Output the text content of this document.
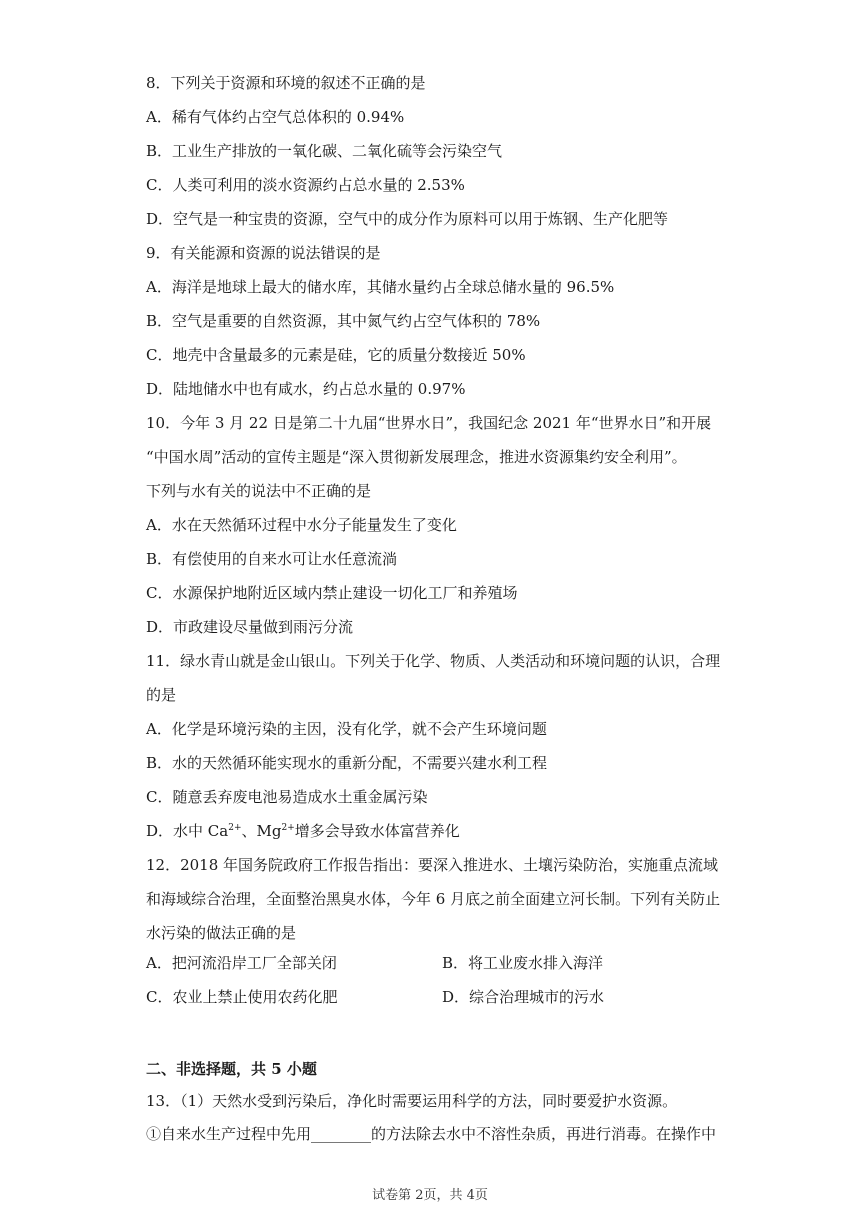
8．下列关于资源和环境的叙述不正确的是
A．稀有气体约占空气总体积的 0.94%
B．工业生产排放的一氧化碳、二氧化硫等会污染空气
C．人类可利用的淡水资源约占总水量的 2.53%
D．空气是一种宝贵的资源，空气中的成分作为原料可以用于炼钢、生产化肥等
9．有关能源和资源的说法错误的是
A．海洋是地球上最大的储水库，其储水量约占全球总储水量的 96.5%
B．空气是重要的自然资源，其中氮气约占空气体积的 78%
C．地壳中含量最多的元素是硅，它的质量分数接近 50%
D．陆地储水中也有咸水，约占总水量的 0.97%
10．今年 3 月 22 日是第二十九届“世界水日”，我国纪念 2021 年“世界水日”和开展
“中国水周”活动的宣传主题是“深入贯彻新发展理念，推进水资源集约安全利用”。
下列与水有关的说法中不正确的是
A．水在天然循环过程中水分子能量发生了变化
B．有偿使用的自来水可让水任意流淌
C．水源保护地附近区域内禁止建设一切化工厂和养殖场
D．市政建设尽量做到雨污分流
11．绿水青山就是金山银山。下列关于化学、物质、人类活动和环境问题的认识，合理
的是
A．化学是环境污染的主因，没有化学，就不会产生环境问题
B．水的天然循环能实现水的重新分配，不需要兴建水利工程
C．随意丢弃废电池易造成水土重金属污染
D．水中 $Ca^{2+}$、$Mg^{2+}$增多会导致水体富营养化
12．2018 年国务院政府工作报告指出：要深入推进水、土壤污染防治，实施重点流域
和海域综合治理，全面整治黑臭水体，今年 6 月底之前全面建立河长制。下列有关防止
水污染的做法正确的是
A．把河流沿岸工厂全部关闭	B．将工业废水排入海洋
C．农业上禁止使用农药化肥	D．综合治理城市的污水
二、非选择题，共 5 小题
13．（1）天然水受到污染后，净化时需要运用科学的方法，同时要爱护水资源。
①自来水生产过程中先用________的方法除去水中不溶性杂质，再进行消毒。在操作中
试卷第 2页，共 4页
